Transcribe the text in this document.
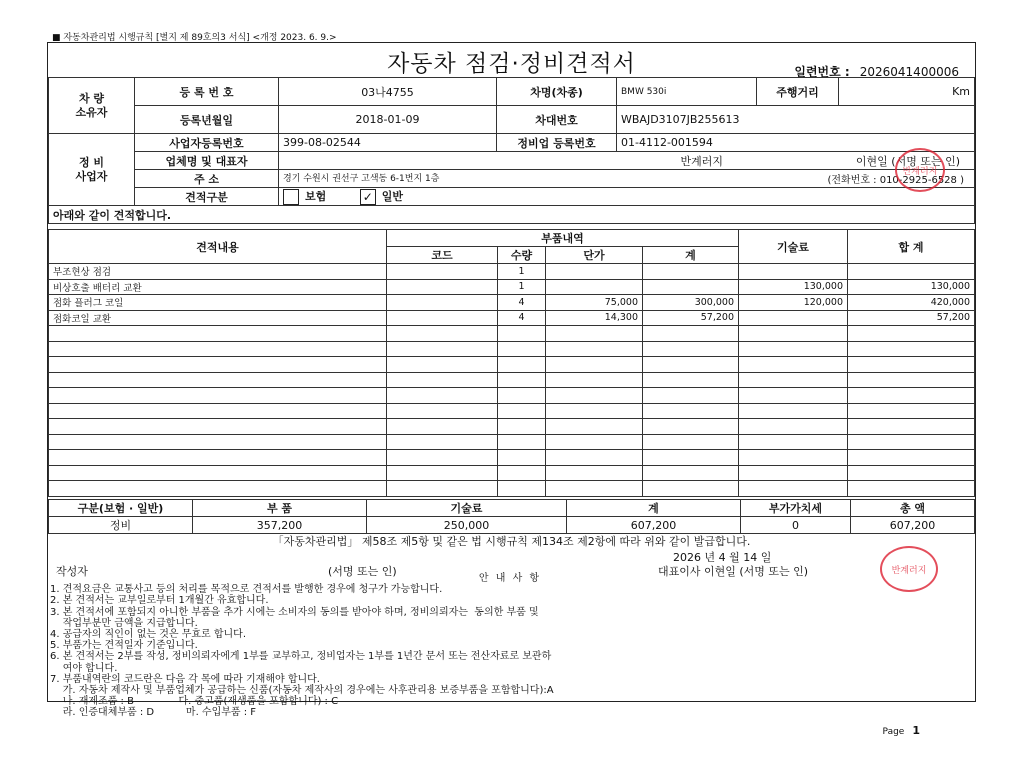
■ 자동차관리법 시행규칙 [별지 제 89호의3 서식] <개정 2023. 6. 9.>
자동차 점검·정비견적서	일련번호 : 2026041400006
차 량
소유자	등 록 번 호	03나4755	차명(차종)	BMW 530i	주행거리	Km
	등록년월일	2018-01-09	차대번호	WBAJD3107JB255613		
정 비
사업자	사업자등록번호	399-08-02544	정비업 등록번호	01-4112-001594		
	업체명 및 대표자	반계러지 이현일 (서명 또는 인)				

	주 소	경기 수원시 권선구 고색동 6-1번지 1층 (전화번호 : 010-2925-6528 )				

	견적구분	보험 ✓ 일반				
아래와 같이 견적합니다.						
견적내용	부품내역				기술료	합 계
	코드	수량	단가	계		
부조현상 점검		1				
비상호출 배터리 교환		1			130,000	130,000
점화 플러그 코일		4	75,000	300,000	120,000	420,000
점화코일 교환		4	14,300	57,200		57,200

구분(보험 · 일반)	부 품	기술료	계	부가가치세	총 액
정비	357,200	250,000	607,200	0	607,200
「자동차관리법」 제58조 제5항 및 같은 법 시행규칙 제134조 제2항에 따라 위와 같이 발급합니다.
작성자	(서명 또는 인)
2026 년 4 월 14 일
대표이사 이현일 (서명 또는 인)
안 내 사 항
1. 견적요금은 교통사고 등의 처리를 목적으로 견적서를 발행한 경우에 청구가 가능합니다.
2. 본 견적서는 교부일로부터 1개월간 유효합니다.
3. 본 견적서에 포함되지 아니한 부품을 추가 시에는 소비자의 동의를 받아야 하며, 정비의뢰자는  동의한 부품 및
작업부분만 금액을 지급합니다.
4. 공급자의 직인이 없는 것은 무효로 합니다.
5. 부품가는 견적일자 기준입니다.
6. 본 견적서는 2부를 작성, 정비의뢰자에게 1부를 교부하고, 정비업자는 1부를 1년간 문서 또는 전산자료로 보관하
여야 합니다.
7. 부품내역란의 코드란은 다음 각 목에 따라 기재해야 합니다.
가. 자동차 제작사 및 부품업체가 공급하는 신품(자동차 제작사의 경우에는 사후관리용 보증부품을 포함합니다):A
나. 재제조품 : B              다. 중고품(재생품을 포함합니다) : C
라. 인증대체부품 : D          마. 수입부품 : F
반계러지
반계러지
Page 1
